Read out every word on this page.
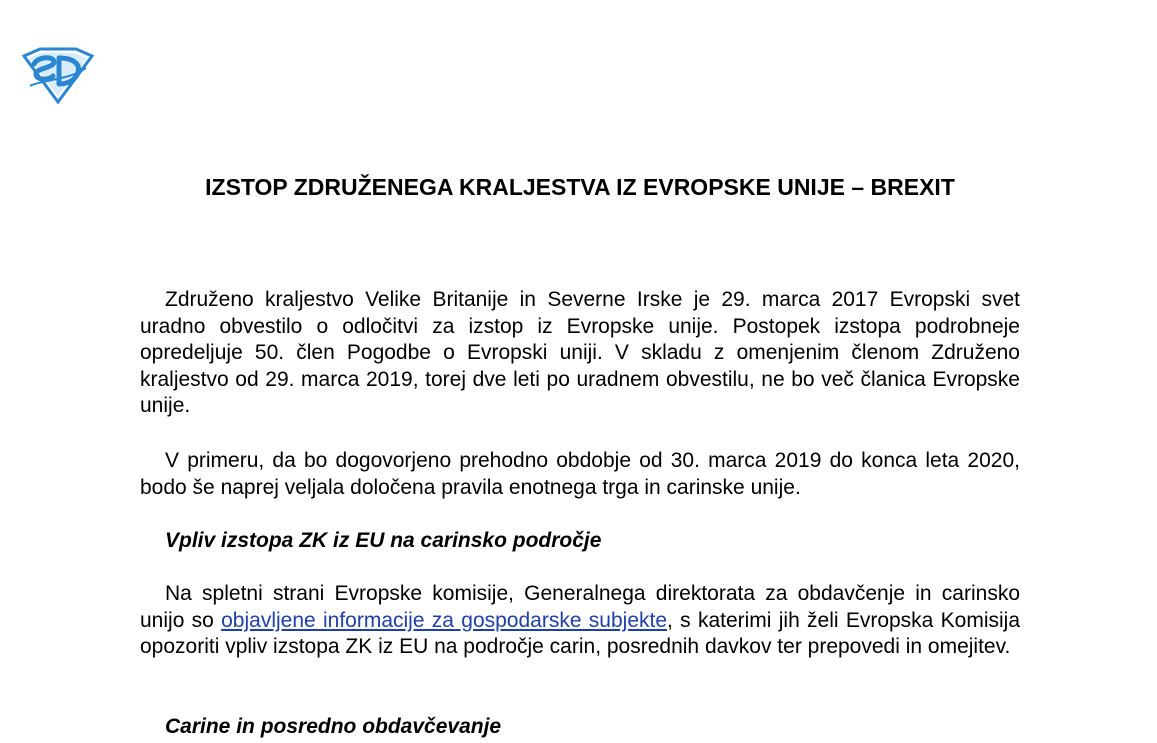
IZSTOP ZDRUŽENEGA KRALJESTVA IZ EVROPSKE UNIJE – BREXIT

Združeno kraljestvo Velike Britanije in Severne Irske je 29. marca 2017 Evropski svet uradno obvestilo o odločitvi za izstop iz Evropske unije. Postopek izstopa podrobneje opredeljuje 50. člen Pogodbe o Evropski uniji. V skladu z omenjenim členom Združeno kraljestvo od 29. marca 2019, torej dve leti po uradnem obvestilu, ne bo več članica Evropske unije.

V primeru, da bo dogovorjeno prehodno obdobje od 30. marca 2019 do konca leta 2020, bodo še naprej veljala določena pravila enotnega trga in carinske unije.

Vpliv izstopa ZK iz EU na carinsko področje

Na spletni strani Evropske komisije, Generalnega direktorata za obdavčenje in carinsko unijo so objavljene informacije za gospodarske subjekte, s katerimi jih želi Evropska Komisija opozoriti vpliv izstopa ZK iz EU na področje carin, posrednih davkov ter prepovedi in omejitev.

Carine in posredno obdavčevanje
